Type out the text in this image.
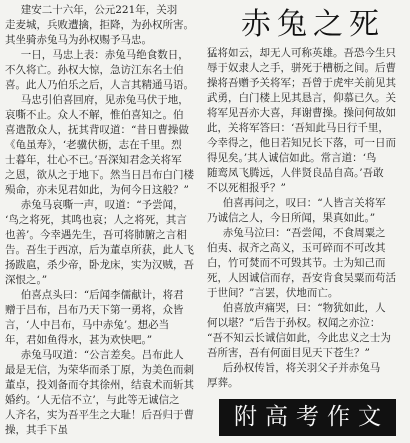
建安二十六年，公元221年，关羽
走麦城，兵败遭擒，拒降，为孙权所害。
其坐骑赤兔马为孙权赐予马忠。
一日，马忠上表：赤兔马绝食数日，
不久将亡。孙权大惊，急访江东名士伯
喜。此人乃伯乐之后，人言其精通马语。
马忠引伯喜回府，见赤兔马伏于地，
哀嘶不止。众人不解，惟伯喜知之。伯
喜遣散众人，抚其背叹道：“昔日曹操做
《龟虽寿》，‘老骥伏枥，志在千里。烈
士暮年，壮心不已。’吾深知君念关将军
之恩，欲从之于地下。然当日吕布白门楼
殒命，亦未见君如此，为何今日这般？”
赤兔马哀嘶一声，叹道：“予尝闻，
‘鸟之将死，其鸣也哀；人之将死，其言
也善’。今幸遇先生，吾可将肺腑之言相
告。吾生于西凉，后为董卓所获，此人飞
扬跋扈，杀少帝，卧龙床，实为汉贼，吾
深恨之。”
伯喜点头曰：“后闻李儒献计，将君
赠于吕布，吕布乃天下第一勇将，众皆
言，‘人中吕布，马中赤兔’。想必当
年，君如鱼得水，甚为欢快吧。”
赤兔马叹道：“公言差矣。吕布此人
最是无信，为荣华而杀丁原，为美色而刺
董卓，投刘备而夺其徐州，结袁术而斩其
婚约。‘人无信不立’，与此等无诚信之
人齐名，实为吾平生之大耻！后吾归于曹
操，其手下虽
赤兔之死
猛将如云，却无人可称英雄。吾恐今生只
辱于奴隶人之手，骈死于槽枥之间。后曹
操将吾赠予关将军；吾曾于虎牢关前见其
武勇，白门楼上见其恳言，仰慕已久。关
将军见吾亦大喜，拜谢曹操。操问何故如
此，关将军答曰：‘吾知此马日行千里，
今幸得之，他日若知兄长下落，可一日而
得见矣。’其人诚信如此。常言道：‘鸟
随鸾凤飞腾远，人伴贤良品自高。’吾敢
不以死相报乎？”
伯喜再问之，叹曰：“人皆言关将军
乃诚信之人，今日所闻，果真如此。”
赤兔马泣曰：“吾尝闻，不食周粟之
伯夷、叔齐之高义，玉可碎而不可改其
白，竹可焚而不可毁其节。士为知己而
死，人因诚信而存，吾安肯食吴粟而苟活
于世间？”言罢，伏地而亡。
伯喜放声痛哭，曰：“物犹如此，人
何以堪？”后告于孙权。权闻之亦泣：
“吾不知云长诚信如此，今此忠义之士为
吾所害，吾有何面目见天下苍生？”
后孙权传旨，将关羽父子并赤兔马
厚葬。
附高考作文
